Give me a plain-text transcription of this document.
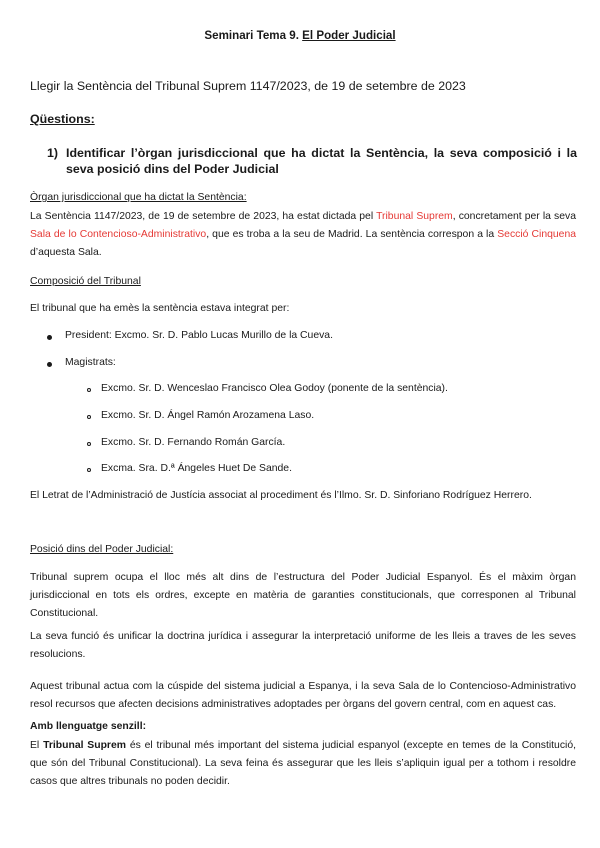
Seminari Tema 9. El Poder Judicial
Llegir la Sentència del Tribunal Suprem 1147/2023, de 19 de setembre de 2023
Qüestions:
1) Identificar l’òrgan jurisdiccional que ha dictat la Sentència, la seva composició i la seva posició dins del Poder Judicial
Òrgan jurisdiccional que ha dictat la Sentència:
La Sentència 1147/2023, de 19 de setembre de 2023, ha estat dictada pel Tribunal Suprem, concretament per la seva Sala de lo Contencioso-Administrativo, que es troba a la seu de Madrid. La sentència correspon a la Secció Cinquena d’aquesta Sala.
Composició del Tribunal
El tribunal que ha emès la sentència estava integrat per:
President: Excmo. Sr. D. Pablo Lucas Murillo de la Cueva.
Magistrats:
Excmo. Sr. D. Wenceslao Francisco Olea Godoy (ponente de la sentència).
Excmo. Sr. D. Ángel Ramón Arozamena Laso.
Excmo. Sr. D. Fernando Román García.
Excma. Sra. D.ª Ángeles Huet De Sande.
El Letrat de l’Administració de Justícia associat al procediment és l’Ilmo. Sr. D. Sinforiano Rodríguez Herrero.
Posició dins del Poder Judicial:
Tribunal suprem ocupa el lloc més alt dins de l’estructura del Poder Judicial Espanyol. És el màxim òrgan jurisdiccional en tots els ordres, excepte en matèria de garanties constitucionals, que corresponen al Tribunal Constitucional.
La seva funció és unificar la doctrina jurídica i assegurar la interpretació uniforme de les lleis a traves de les seves resolucions.
Aquest tribunal actua com la cúspide del sistema judicial a Espanya, i la seva Sala de lo Contencioso-Administrativo resol recursos que afecten decisions administratives adoptades per òrgans del govern central, com en aquest cas.
Amb llenguatge senzill:
El Tribunal Suprem és el tribunal més important del sistema judicial espanyol (excepte en temes de la Constitució, que són del Tribunal Constitucional). La seva feina és assegurar que les lleis s’apliquin igual per a tothom i resoldre casos que altres tribunals no poden decidir.
